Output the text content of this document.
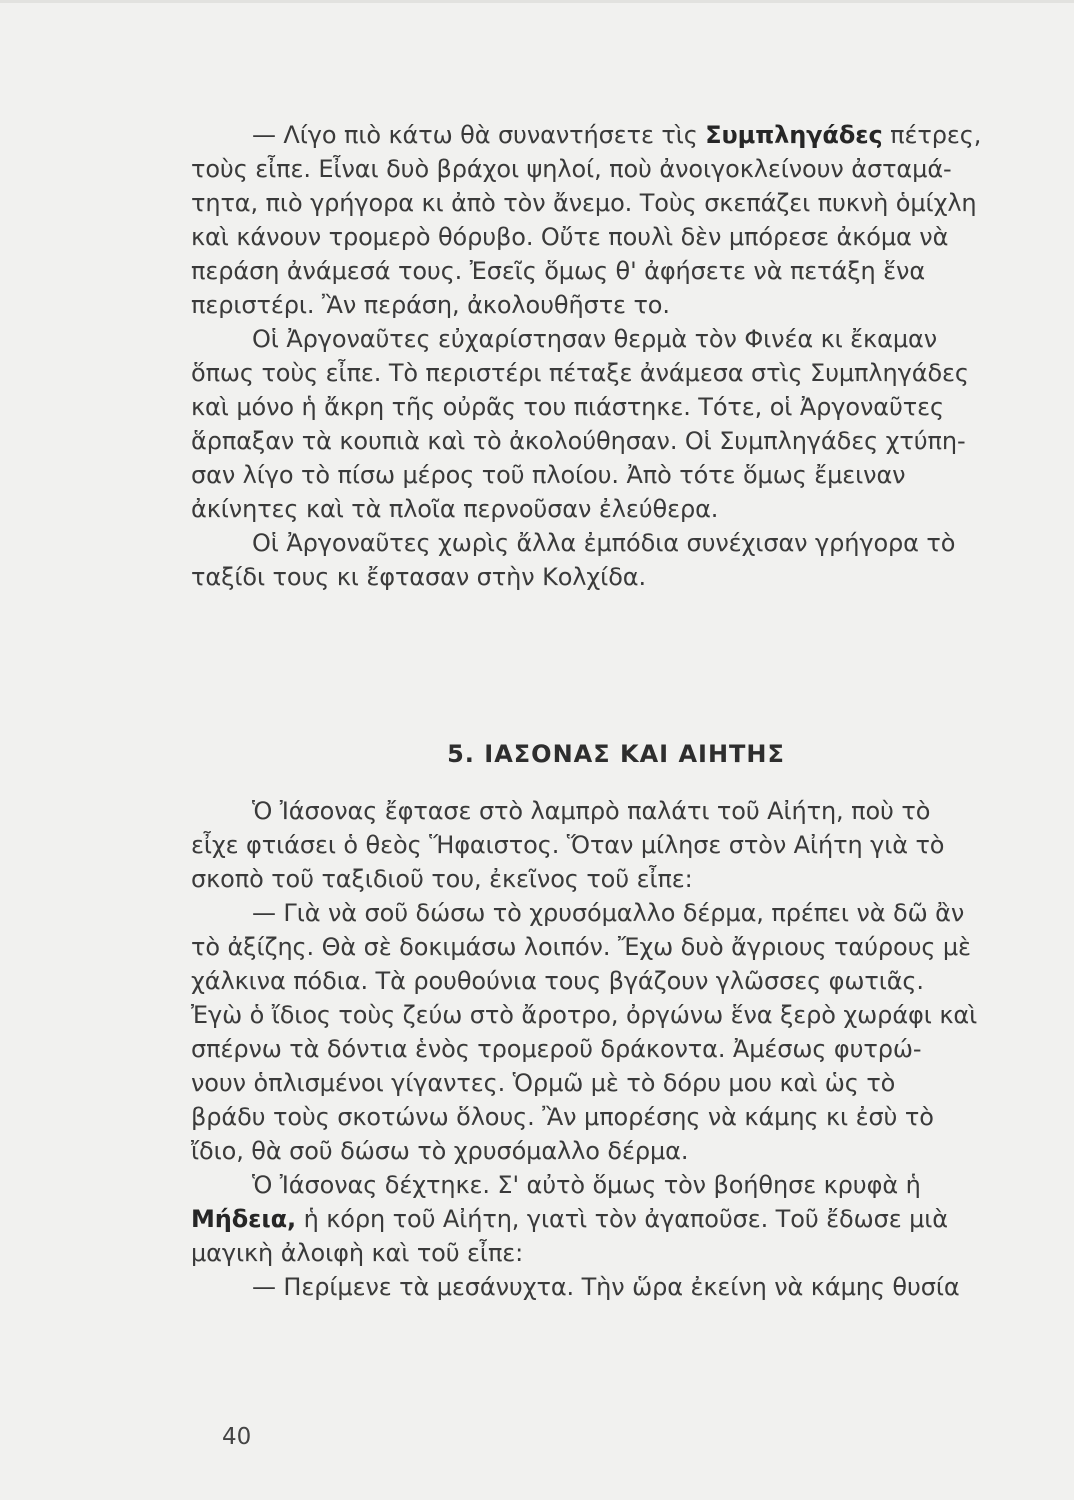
— Λίγο πιὸ κάτω θὰ συναντήσετε τὶς Συμπληγάδες πέτρες,

τοὺς εἶπε. Εἶναι δυὸ βράχοι ψηλοί, ποὺ ἀνοιγοκλείνουν ἀσταμά-

τητα, πιὸ γρήγορα κι ἀπὸ τὸν ἄνεμο. Τοὺς σκεπάζει πυκνὴ ὁμίχλη

καὶ κάνουν τρομερὸ θόρυβο. Οὔτε πουλὶ δὲν μπόρεσε ἀκόμα νὰ

περάση ἀνάμεσά τους. Ἐσεῖς ὅμως θ' ἀφήσετε νὰ πετάξη ἕνα

περιστέρι. Ἂν περάση, ἀκολουθῆστε το.

Οἱ Ἀργοναῦτες εὐχαρίστησαν θερμὰ τὸν Φινέα κι ἔκαμαν

ὅπως τοὺς εἶπε. Τὸ περιστέρι πέταξε ἀνάμεσα στὶς Συμπληγάδες

καὶ μόνο ἡ ἄκρη τῆς οὐρᾶς του πιάστηκε. Τότε, οἱ Ἀργοναῦτες

ἅρπαξαν τὰ κουπιὰ καὶ τὸ ἀκολούθησαν. Οἱ Συμπληγάδες χτύπη-

σαν λίγο τὸ πίσω μέρος τοῦ πλοίου. Ἀπὸ τότε ὅμως ἔμειναν

ἀκίνητες καὶ τὰ πλοῖα περνοῦσαν ἐλεύθερα.

Οἱ Ἀργοναῦτες χωρὶς ἄλλα ἐμπόδια συνέχισαν γρήγορα τὸ

ταξίδι τους κι ἔφτασαν στὴν Κολχίδα.

5. ΙΑΣΟΝΑΣ ΚΑΙ ΑΙΗΤΗΣ

Ὁ Ἰάσονας ἔφτασε στὸ λαμπρὸ παλάτι τοῦ Αἰήτη, ποὺ τὸ

εἶχε φτιάσει ὁ θεὸς Ἥφαιστος. Ὅταν μίλησε στὸν Αἰήτη γιὰ τὸ

σκοπὸ τοῦ ταξιδιοῦ του, ἐκεῖνος τοῦ εἶπε:

— Γιὰ νὰ σοῦ δώσω τὸ χρυσόμαλλο δέρμα, πρέπει νὰ δῶ ἂν

τὸ ἀξίζης. Θὰ σὲ δοκιμάσω λοιπόν. Ἔχω δυὸ ἄγριους ταύρους μὲ

χάλκινα πόδια. Τὰ ρουθούνια τους βγάζουν γλῶσσες φωτιᾶς.

Ἐγὼ ὁ ἴδιος τοὺς ζεύω στὸ ἄροτρο, ὀργώνω ἕνα ξερὸ χωράφι καὶ

σπέρνω τὰ δόντια ἑνὸς τρομεροῦ δράκοντα. Ἀμέσως φυτρώ-

νουν ὁπλισμένοι γίγαντες. Ὁρμῶ μὲ τὸ δόρυ μου καὶ ὡς τὸ

βράδυ τοὺς σκοτώνω ὅλους. Ἂν μπορέσης νὰ κάμης κι ἐσὺ τὸ

ἴδιο, θὰ σοῦ δώσω τὸ χρυσόμαλλο δέρμα.

Ὁ Ἰάσονας δέχτηκε. Σ' αὐτὸ ὅμως τὸν βοήθησε κρυφὰ ἡ

Μήδεια, ἡ κόρη τοῦ Αἰήτη, γιατὶ τὸν ἀγαποῦσε. Τοῦ ἔδωσε μιὰ

μαγικὴ ἀλοιφὴ καὶ τοῦ εἶπε:

— Περίμενε τὰ μεσάνυχτα. Τὴν ὥρα ἐκείνη νὰ κάμης θυσία

40
